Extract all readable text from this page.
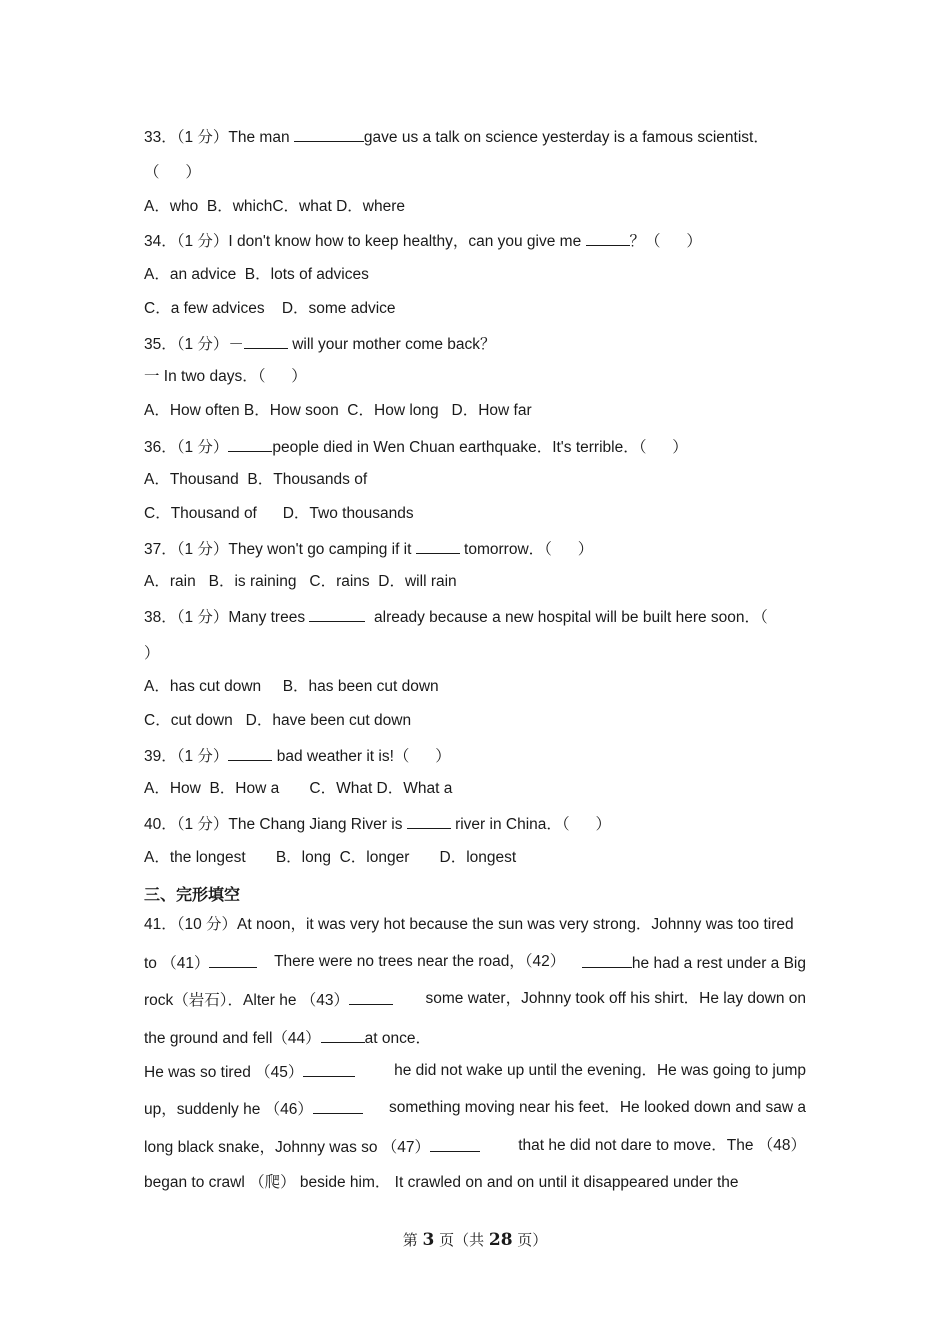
33．（1 分）The man	gave us a talk on science yesterday is a famous scientist．
（      ）
A．who  B．whichC．what D．where
34．（1 分）I don't know how to keep healthy，can you give me	？（      ）
A．an advice  B．lots of advices
C．a few advices    D．some advice
35．（1 分）－	will your mother come back？
一 In two days．（      ）
A．How often B．How soon  C．How long   D．How far
36．（1 分）	people died in Wen Chuan earthquake．It's terrible．（      ）
A．Thousand  B．Thousands of
C．Thousand of      D．Two thousands
37．（1 分）They won't go camping if it	tomorrow．（      ）
A．rain   B．is raining   C．rains  D．will rain
38．（1 分）Many trees	already because a new hospital will be built here soon．（
）
A．has cut down     B．has been cut down
C．cut down   D．have been cut down
39．（1 分）	bad weather it is!（      ）
A．How  B．How a       C．What D．What a
40．（1 分）The Chang Jiang River is	river in China．（      ）
A．the longest       B．long  C．longer       D．longest
三、完形填空
41．（10 分）At noon，it was very hot because the sun was very strong．Johnny was too tired
to （41）	There were no trees near the road，（42）	he had a rest under a Big
rock（岩石）．Alter he （43）	some water，Johnny took off his shirt．He lay down on
the ground and fell（44）	at once．
He was so tired （45）	he did not wake up until the evening．He was going to jump
up，suddenly he （46）	something moving near his feet．He looked down and saw a
long black snake，Johnny was so （47）	that he did not dare to move．The （48）
began to crawl （爬） beside him． It crawled on and on until it disappeared under the
第 3 页（共 28 页）
